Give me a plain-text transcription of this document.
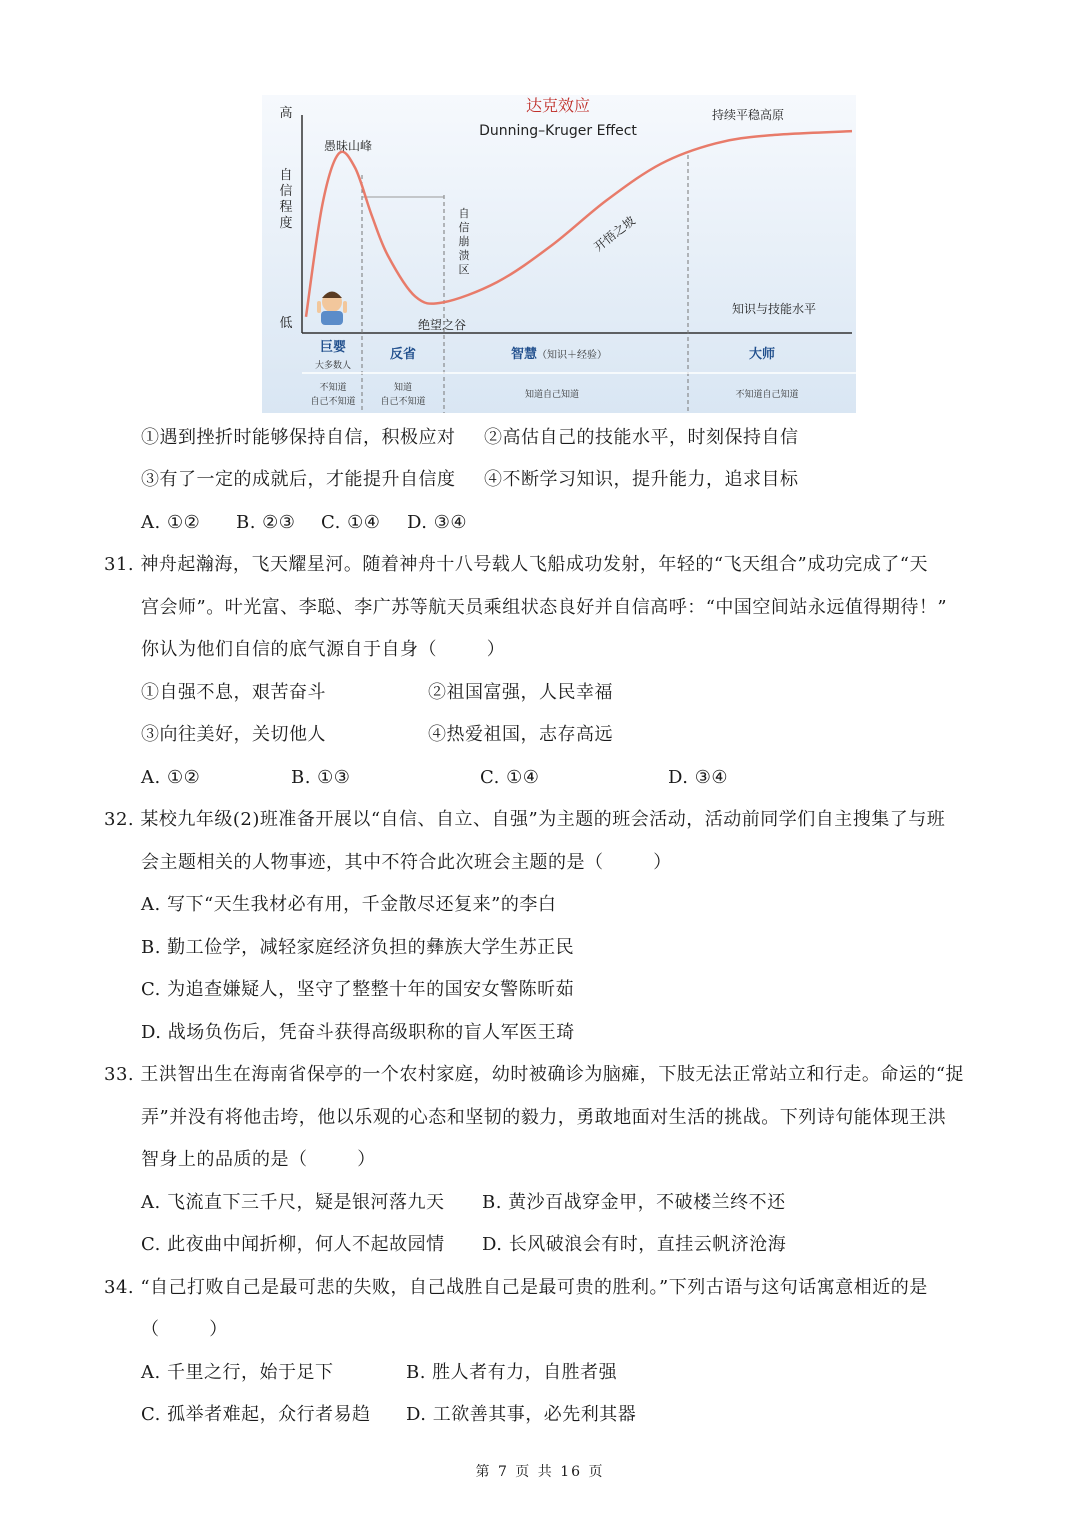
达克效应
Dunning–Kruger Effect
高
低
自信程度
愚昧山峰
绝望之谷
开悟之坡
持续平稳高原
自信崩溃区
知识与技能水平
巨婴
大多数人
反省	智慧 （知识＋经验）	大师
不知道
自己不知道
知道
自己不知道
知道自己知道	不知道自己知道
①遇到挫折时能够保持自信，积极应对 ②高估自己的技能水平，时刻保持自信
③有了一定的成就后，才能提升自信度 ④不断学习知识，提升能力，追求目标
A. ①② B. ②③ C. ①④ D. ③④
31. 神舟起瀚海，飞天耀星河。随着神舟十八号载人飞船成功发射，年轻的“飞天组合”成功完成了“天
宫会师”。叶光富、李聪、李广苏等航天员乘组状态良好并自信高呼：“中国空间站永远值得期待！”
你认为他们自信的底气源自于自身（        ）
①自强不息，艰苦奋斗	②祖国富强，人民幸福
③向往美好，关切他人	④热爱祖国，志存高远
A. ①②	B. ①③	C. ①④	D. ③④
32. 某校九年级(2)班准备开展以“自信、自立、自强”为主题的班会活动，活动前同学们自主搜集了与班
会主题相关的人物事迹，其中不符合此次班会主题的是（        ）
A. 写下“天生我材必有用，千金散尽还复来”的李白
B. 勤工俭学，减轻家庭经济负担的彝族大学生苏正民
C. 为追查嫌疑人，坚守了整整十年的国安女警陈昕茹
D. 战场负伤后，凭奋斗获得高级职称的盲人军医王琦
33. 王洪智出生在海南省保亭的一个农村家庭，幼时被确诊为脑瘫，下肢无法正常站立和行走。命运的“捉
弄”并没有将他击垮，他以乐观的心态和坚韧的毅力，勇敢地面对生活的挑战。下列诗句能体现王洪
智身上的品质的是（        ）
A. 飞流直下三千尺，疑是银河落九天 B. 黄沙百战穿金甲，不破楼兰终不还
C. 此夜曲中闻折柳，何人不起故园情 D. 长风破浪会有时，直挂云帆济沧海
34. “自己打败自己是最可悲的失败，自己战胜自己是最可贵的胜利。”下列古语与这句话寓意相近的是
（        ）
A. 千里之行，始于足下	B. 胜人者有力，自胜者强
C. 孤举者难起，众行者易趋 D. 工欲善其事，必先利其器
第 7 页 共 16 页
